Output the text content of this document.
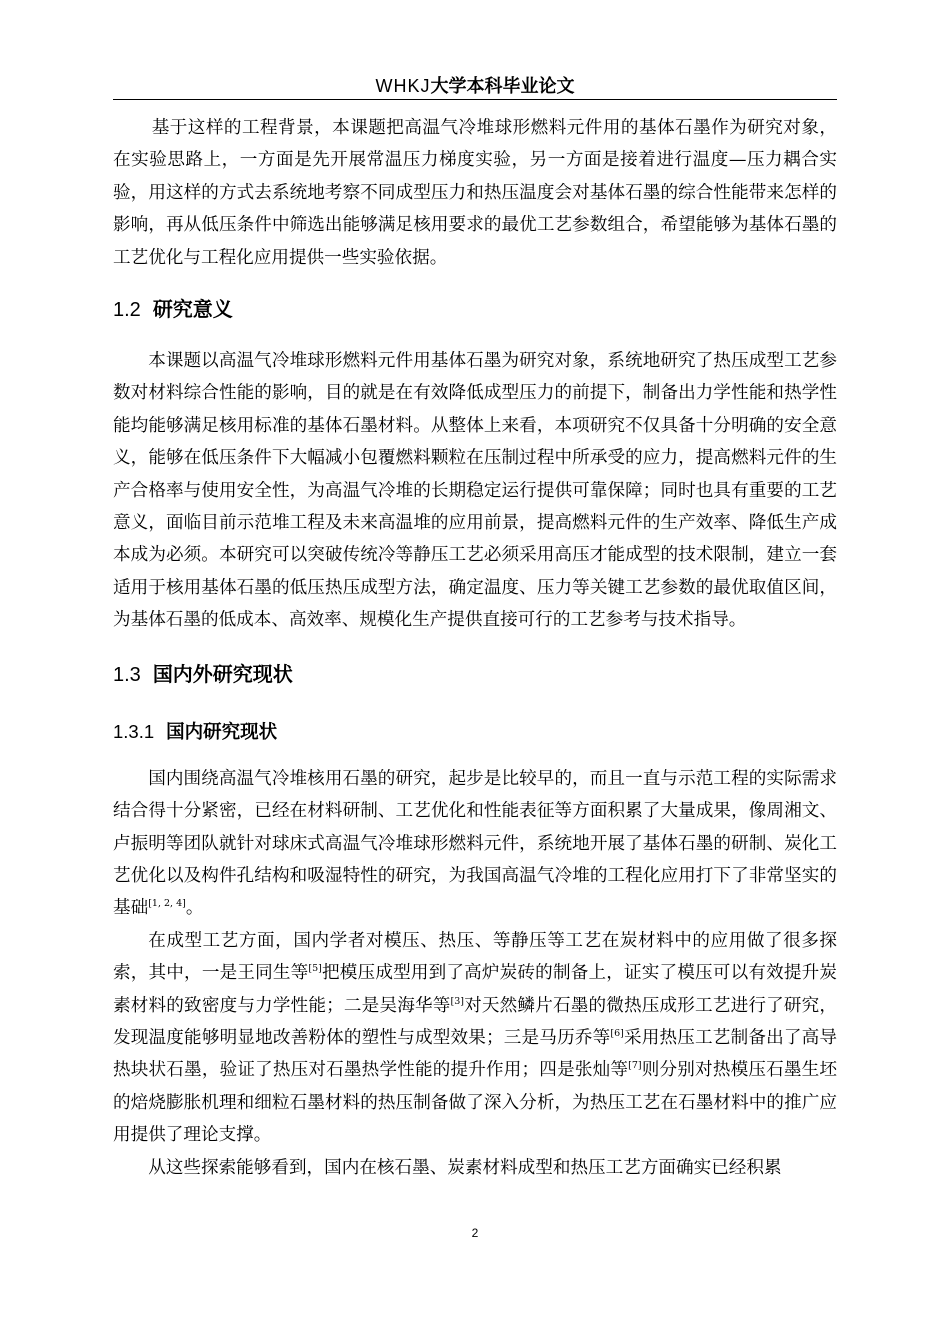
WHKJ大学本科毕业论文

基于这样的工程背景，本课题把高温气冷堆球形燃料元件用的基体石墨作为研究对象，在实验思路上，一方面是先开展常温压力梯度实验，另一方面是接着进行温度—压力耦合实验，用这样的方式去系统地考察不同成型压力和热压温度会对基体石墨的综合性能带来怎样的影响，再从低压条件中筛选出能够满足核用要求的最优工艺参数组合，希望能够为基体石墨的工艺优化与工程化应用提供一些实验依据。

1.2 研究意义

本课题以高温气冷堆球形燃料元件用基体石墨为研究对象，系统地研究了热压成型工艺参数对材料综合性能的影响，目的就是在有效降低成型压力的前提下，制备出力学性能和热学性能均能够满足核用标准的基体石墨材料。从整体上来看，本项研究不仅具备十分明确的安全意义，能够在低压条件下大幅减小包覆燃料颗粒在压制过程中所承受的应力，提高燃料元件的生产合格率与使用安全性，为高温气冷堆的长期稳定运行提供可靠保障；同时也具有重要的工艺意义，面临目前示范堆工程及未来高温堆的应用前景，提高燃料元件的生产效率、降低生产成本成为必须。本研究可以突破传统冷等静压工艺必须采用高压才能成型的技术限制，建立一套适用于核用基体石墨的低压热压成型方法，确定温度、压力等关键工艺参数的最优取值区间，为基体石墨的低成本、高效率、规模化生产提供直接可行的工艺参考与技术指导。

1.3 国内外研究现状
1.3.1 国内研究现状

国内围绕高温气冷堆核用石墨的研究，起步是比较早的，而且一直与示范工程的实际需求结合得十分紧密，已经在材料研制、工艺优化和性能表征等方面积累了大量成果，像周湘文、卢振明等团队就针对球床式高温气冷堆球形燃料元件，系统地开展了基体石墨的研制、炭化工艺优化以及构件孔结构和吸湿特性的研究，为我国高温气冷堆的工程化应用打下了非常坚实的基础[1, 2, 4]。

在成型工艺方面，国内学者对模压、热压、等静压等工艺在炭材料中的应用做了很多探索，其中，一是王同生等[5]把模压成型用到了高炉炭砖的制备上，证实了模压可以有效提升炭素材料的致密度与力学性能；二是吴海华等[3]对天然鳞片石墨的微热压成形工艺进行了研究，发现温度能够明显地改善粉体的塑性与成型效果；三是马历乔等[6]采用热压工艺制备出了高导热块状石墨，验证了热压对石墨热学性能的提升作用；四是张灿等[7]则分别对热模压石墨生坯的焙烧膨胀机理和细粒石墨材料的热压制备做了深入分析，为热压工艺在石墨材料中的推广应用提供了理论支撑。

从这些探索能够看到，国内在核石墨、炭素材料成型和热压工艺方面确实已经积累

2
